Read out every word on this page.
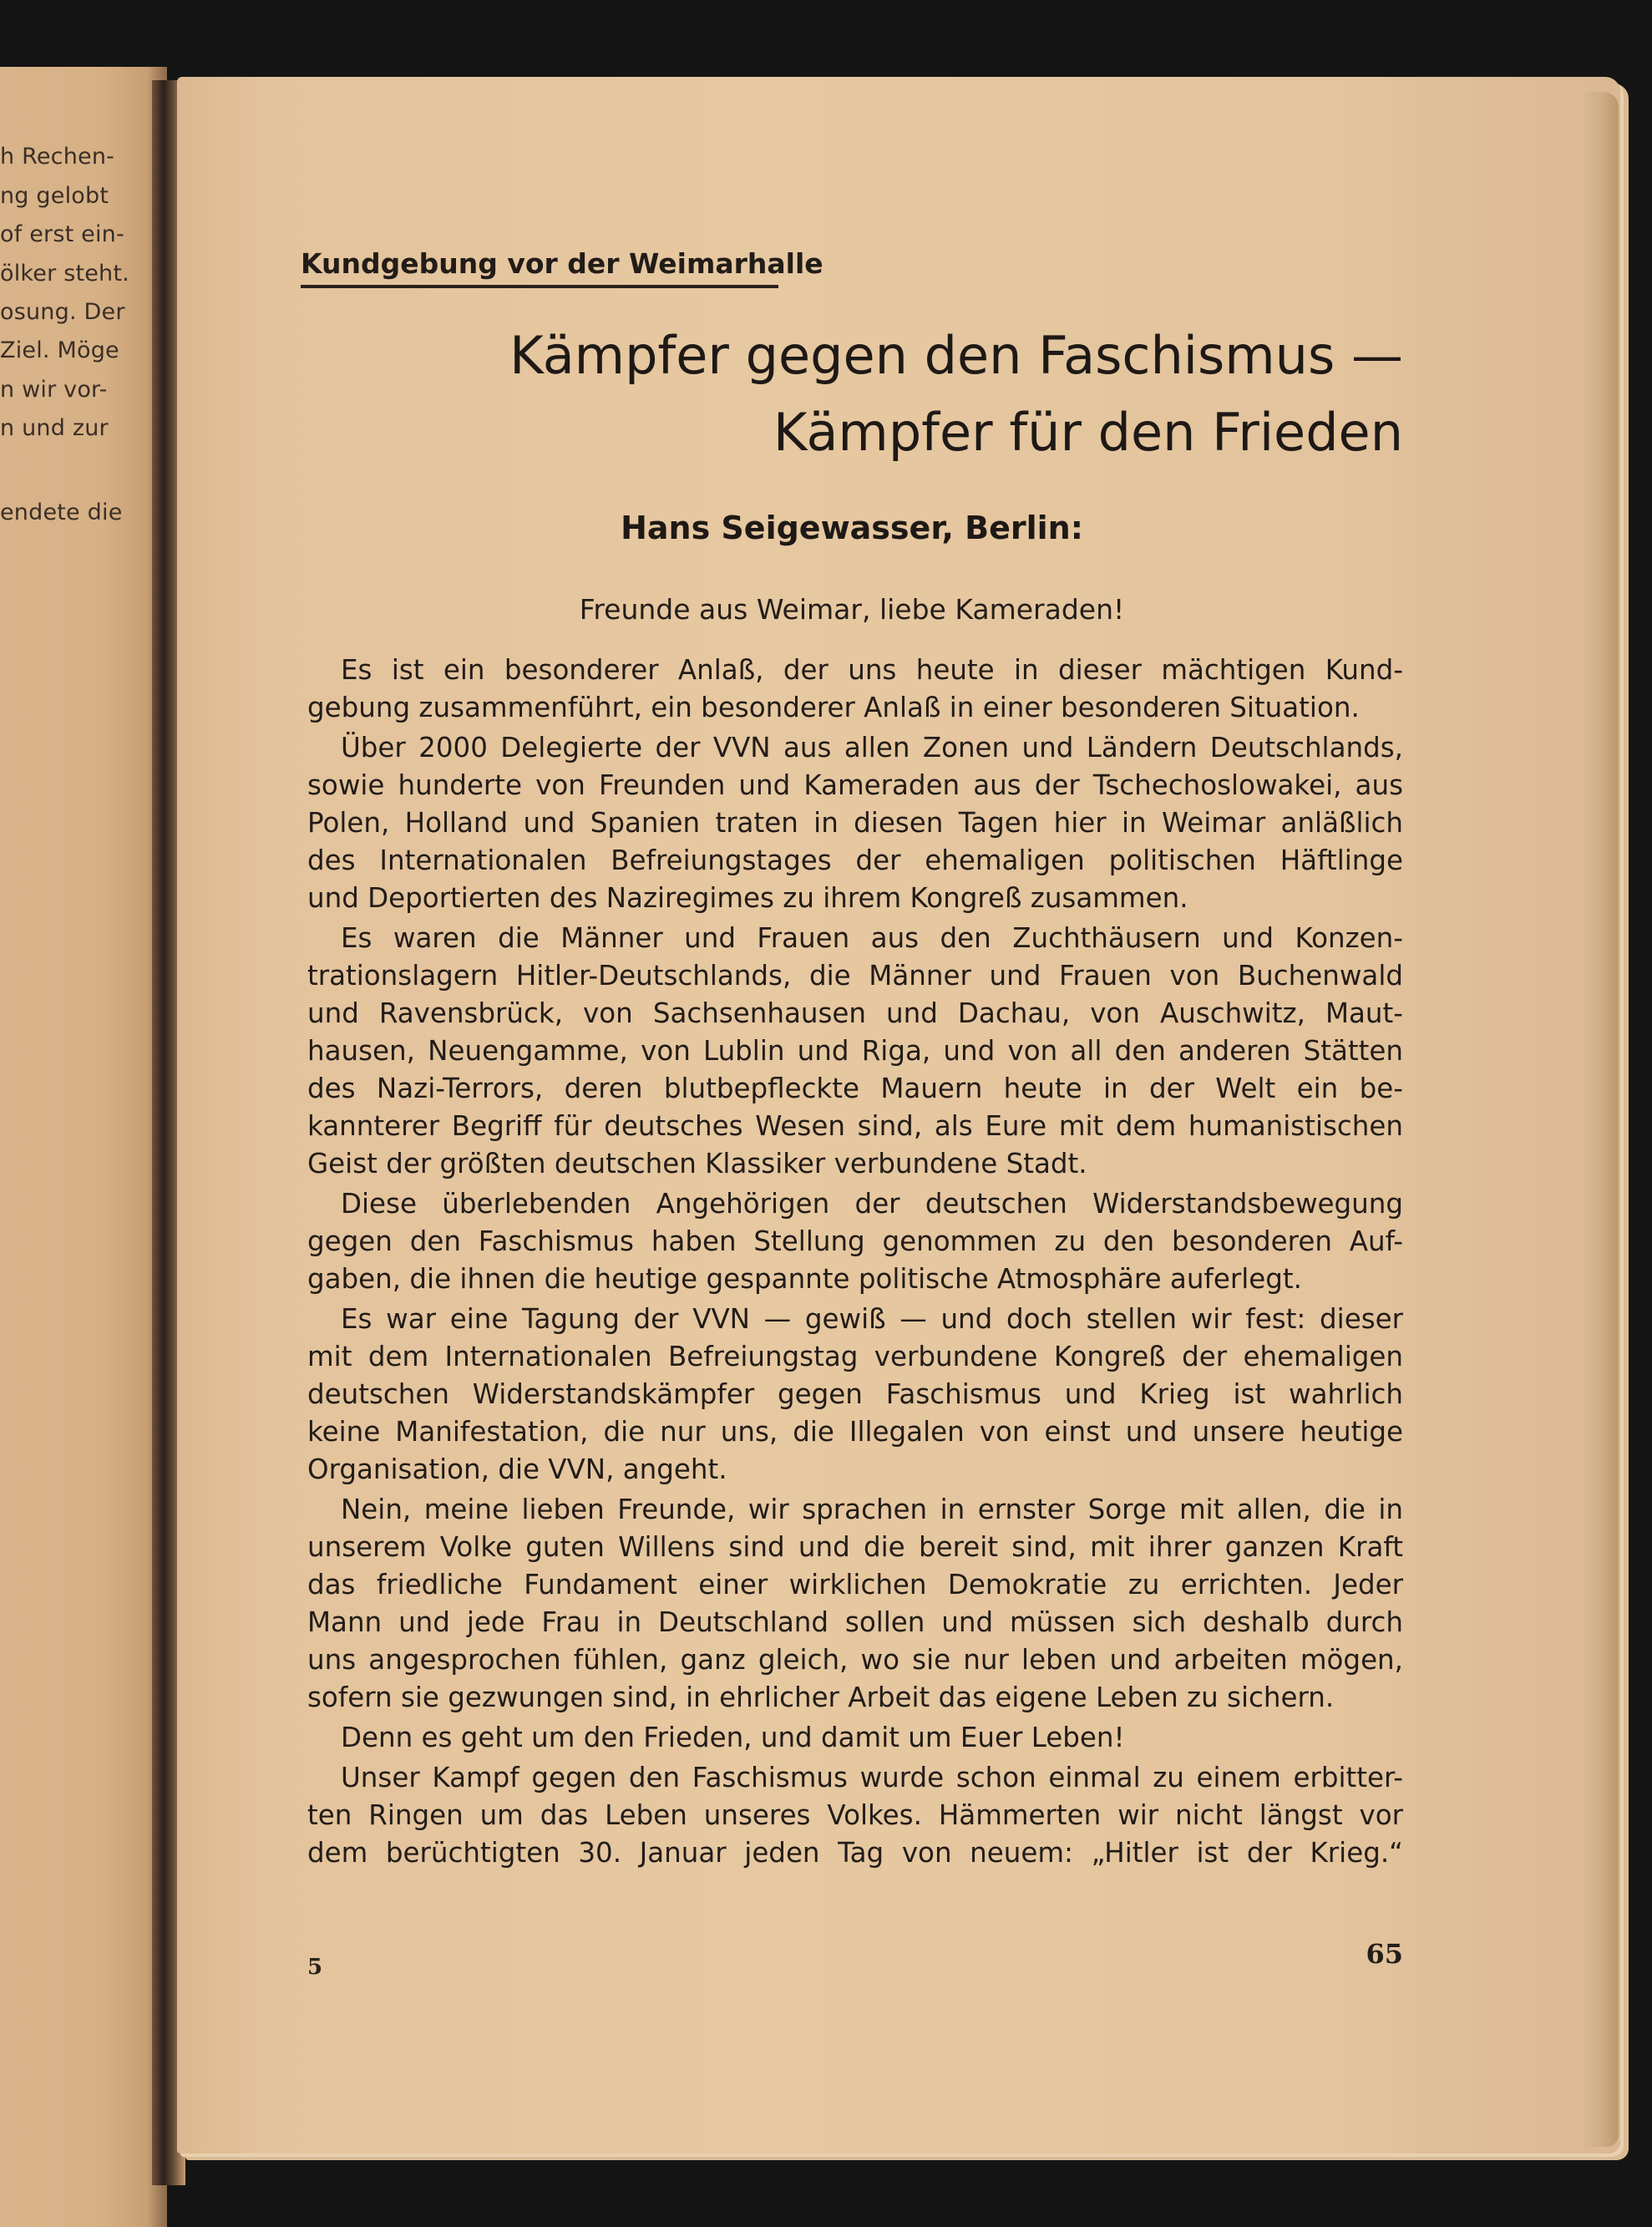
h Rechen-
ng gelobt
of erst ein-
ölker steht.
osung. Der
Ziel. Möge
n wir vor-
n und zur
endete die
Kundgebung vor der Weimarhalle
Kämpfer gegen den Faschismus —
Kämpfer für den Frieden
Hans Seigewasser, Berlin:
Freunde aus Weimar, liebe Kameraden!
Es ist ein besonderer Anlaß, der uns heute in dieser mächtigen Kund-
gebung zusammenführt, ein besonderer Anlaß in einer besonderen Situation.
Über 2000 Delegierte der VVN aus allen Zonen und Ländern Deutschlands,
sowie hunderte von Freunden und Kameraden aus der Tschechoslowakei, aus
Polen, Holland und Spanien traten in diesen Tagen hier in Weimar anläßlich
des Internationalen Befreiungstages der ehemaligen politischen Häftlinge
und Deportierten des Naziregimes zu ihrem Kongreß zusammen.
Es waren die Männer und Frauen aus den Zuchthäusern und Konzen-
trationslagern Hitler-Deutschlands, die Männer und Frauen von Buchenwald
und Ravensbrück, von Sachsenhausen und Dachau, von Auschwitz, Maut-
hausen, Neuengamme, von Lublin und Riga, und von all den anderen Stätten
des Nazi-Terrors, deren blutbepfleckte Mauern heute in der Welt ein be-
kannterer Begriff für deutsches Wesen sind, als Eure mit dem humanistischen
Geist der größten deutschen Klassiker verbundene Stadt.
Diese überlebenden Angehörigen der deutschen Widerstandsbewegung
gegen den Faschismus haben Stellung genommen zu den besonderen Auf-
gaben, die ihnen die heutige gespannte politische Atmosphäre auferlegt.
Es war eine Tagung der VVN — gewiß — und doch stellen wir fest: dieser
mit dem Internationalen Befreiungstag verbundene Kongreß der ehemaligen
deutschen Widerstandskämpfer gegen Faschismus und Krieg ist wahrlich
keine Manifestation, die nur uns, die Illegalen von einst und unsere heutige
Organisation, die VVN, angeht.
Nein, meine lieben Freunde, wir sprachen in ernster Sorge mit allen, die in
unserem Volke guten Willens sind und die bereit sind, mit ihrer ganzen Kraft
das friedliche Fundament einer wirklichen Demokratie zu errichten. Jeder
Mann und jede Frau in Deutschland sollen und müssen sich deshalb durch
uns angesprochen fühlen, ganz gleich, wo sie nur leben und arbeiten mögen,
sofern sie gezwungen sind, in ehrlicher Arbeit das eigene Leben zu sichern.
Denn es geht um den Frieden, und damit um Euer Leben!
Unser Kampf gegen den Faschismus wurde schon einmal zu einem erbitter-
ten Ringen um das Leben unseres Volkes. Hämmerten wir nicht längst vor
dem berüchtigten 30. Januar jeden Tag von neuem: „Hitler ist der Krieg.“
5	65
